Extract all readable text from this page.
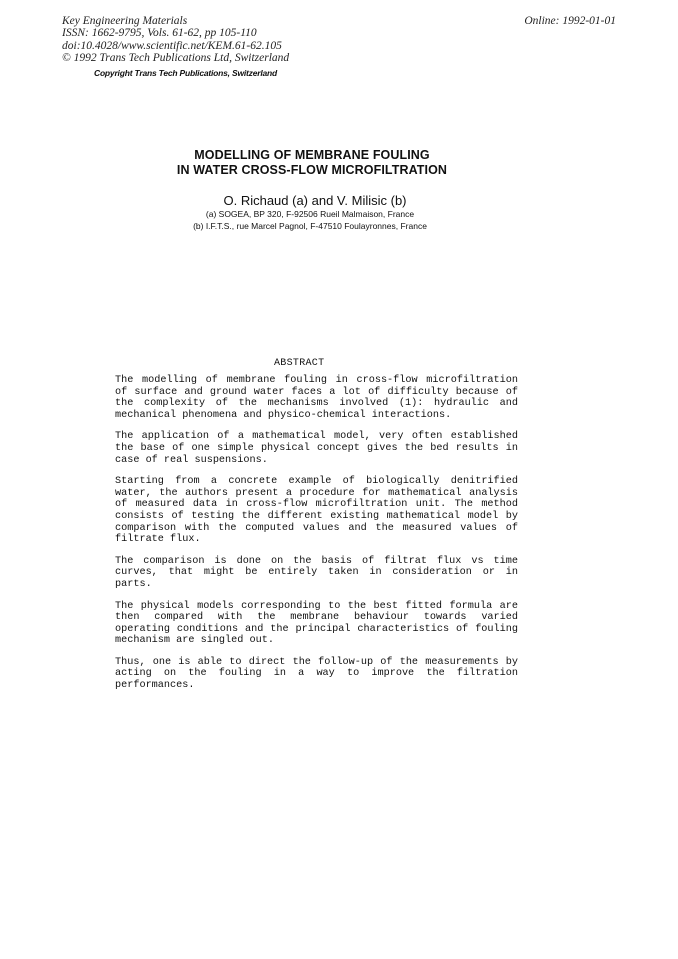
Key Engineering Materials
ISSN: 1662-9795, Vols. 61-62, pp 105-110
doi:10.4028/www.scientific.net/KEM.61-62.105
© 1992 Trans Tech Publications Ltd, Switzerland
Online: 1992-01-01
Copyright Trans Tech Publications, Switzerland
MODELLING OF MEMBRANE FOULING
IN WATER CROSS-FLOW MICROFILTRATION
O. Richaud (a) and V. Milisic (b)
(a) SOGEA, BP 320, F-92506 Rueil Malmaison, France
(b) I.F.T.S., rue Marcel Pagnol, F-47510 Foulayronnes, France
ABSTRACT

The modelling of membrane fouling in cross-flow microfiltration of surface and ground water faces a lot of difficulty because of the complexity of the mechanisms involved (1): hydraulic and mechanical phenomena and physico-chemical interactions.

The application of a mathematical model, very often established the base of one simple physical concept gives the bed results in case of real suspensions.

Starting from a concrete example of biologically denitrified water, the authors present a procedure for mathematical analysis of measured data in cross-flow microfiltration unit. The method consists of testing the different existing mathematical model by comparison with the computed values and the measured values of filtrate flux.

The comparison is done on the basis of filtrat flux vs time curves, that might be entirely taken in consideration or in parts.

The physical models corresponding to the best fitted formula are then compared with the membrane behaviour towards varied operating conditions and the principal characteristics of fouling mechanism are singled out.

Thus, one is able to direct the follow-up of the measurements by acting on the fouling in a way to improve the filtration performances.
